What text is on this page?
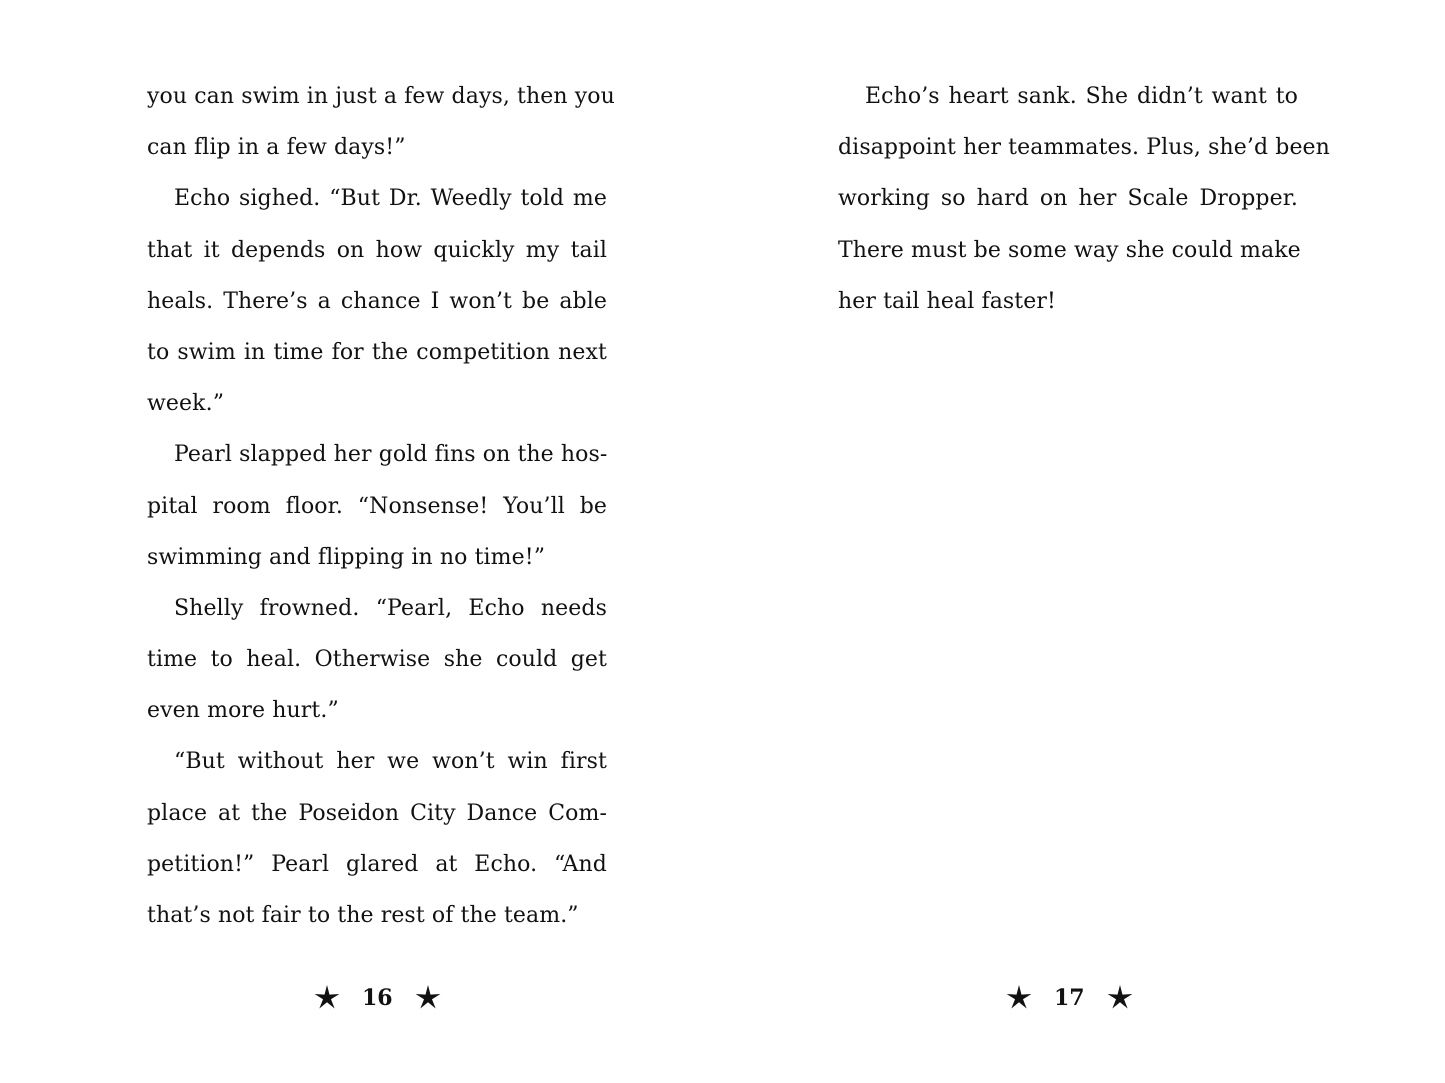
you can swim in just a few days, then you
can flip in a few days!”
Echo sighed. “But Dr. Weedly told me
that it depends on how quickly my tail
heals. There’s a chance I won’t be able
to swim in time for the competition next
week.”
Pearl slapped her gold fins on the hos-
pital room floor. “Nonsense! You’ll be
swimming and flipping in no time!”
Shelly frowned. “Pearl, Echo needs
time to heal. Otherwise she could get
even more hurt.”
“But without her we won’t win first
place at the Poseidon City Dance Com-
petition!” Pearl glared at Echo. “And
that’s not fair to the rest of the team.”
16
Echo’s heart sank. She didn’t want to
disappoint her teammates. Plus, she’d been
working so hard on her Scale Dropper.
There must be some way she could make
her tail heal faster!
17
